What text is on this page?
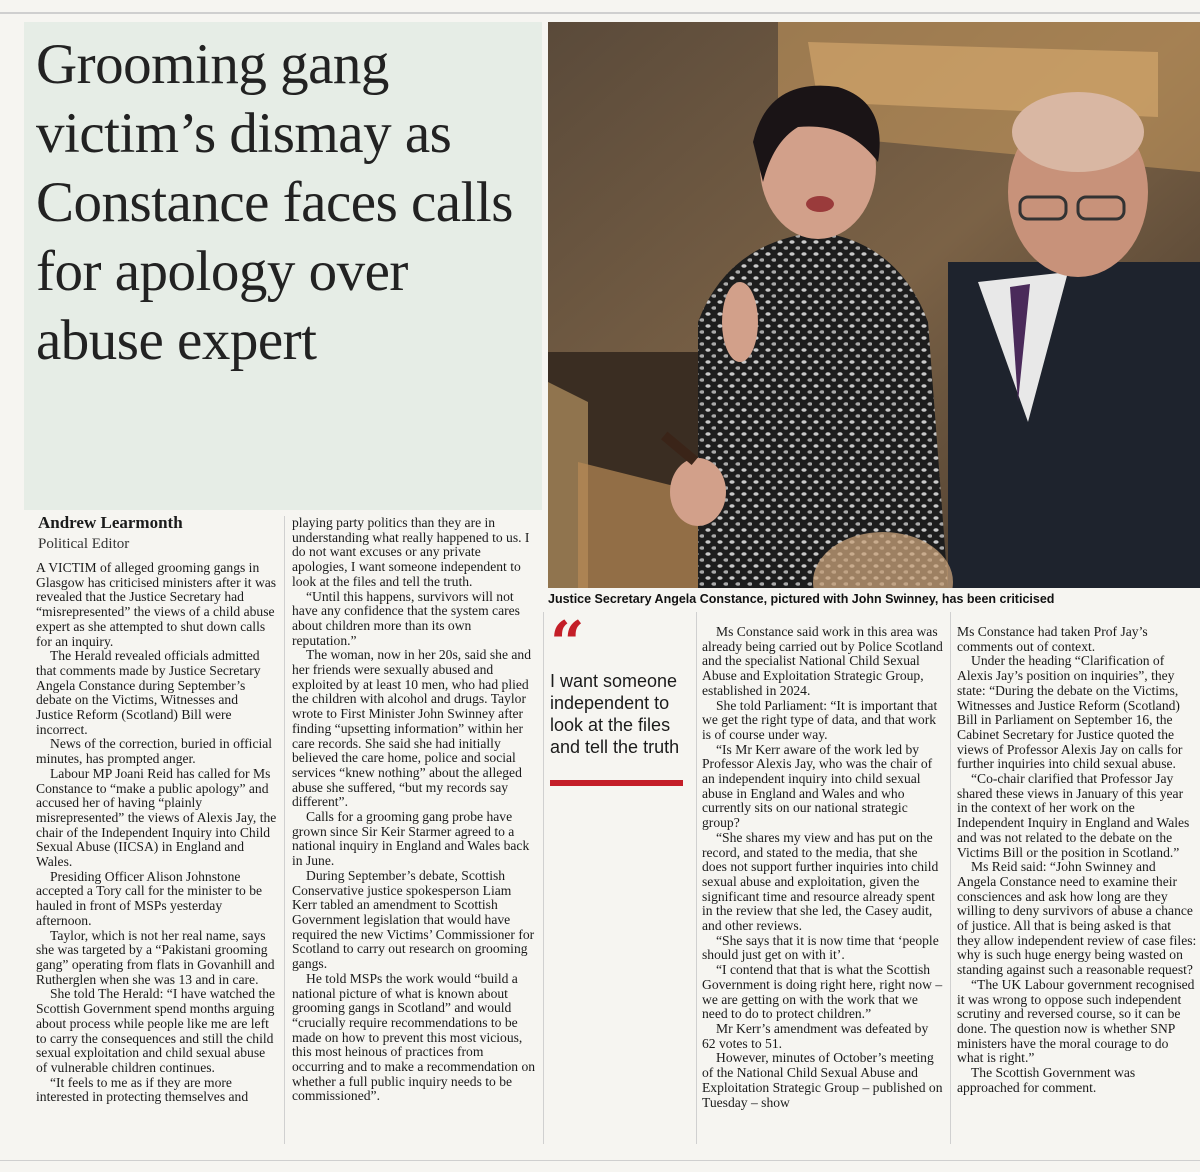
Grooming gang victim’s dismay as Constance faces calls for apology over abuse expert
Justice Secretary Angela Constance, pictured with John Swinney, has been criticised
Andrew Learmonth
Political Editor

A VICTIM of alleged grooming gangs in Glasgow has criticised ministers after it was revealed that the Justice Secretary had “misrepresented” the views of a child abuse expert as she attempted to shut down calls for an inquiry.

The Herald revealed officials admitted that comments made by Justice Secretary Angela Constance during September’s debate on the Victims, Witnesses and Justice Reform (Scotland) Bill were incorrect.

News of the correction, buried in official minutes, has prompted anger.

Labour MP Joani Reid has called for Ms Constance to “make a public apology” and accused her of having “plainly misrepresented” the views of Alexis Jay, the chair of the Independent Inquiry into Child Sexual Abuse (IICSA) in England and Wales.

Presiding Officer Alison Johnstone accepted a Tory call for the minister to be hauled in front of MSPs yesterday afternoon.

Taylor, which is not her real name, says she was targeted by a “Pakistani grooming gang” operating from flats in Govanhill and Rutherglen when she was 13 and in care.

She told The Herald: “I have watched the Scottish Government spend months arguing about process while people like me are left to carry the consequences and still the child sexual exploitation and child sexual abuse of vulnerable children continues.

“It feels to me as if they are more interested in protecting themselves and

playing party politics than they are in understanding what really happened to us. I do not want excuses or any private apologies, I want someone independent to look at the files and tell the truth.

“Until this happens, survivors will not have any confidence that the system cares about children more than its own reputation.”

The woman, now in her 20s, said she and her friends were sexually abused and exploited by at least 10 men, who had plied the children with alcohol and drugs. Taylor wrote to First Minister John Swinney after finding “upsetting information” within her care records. She said she had initially believed the care home, police and social services “knew nothing” about the alleged abuse she suffered, “but my records say different”.

Calls for a grooming gang probe have grown since Sir Keir Starmer agreed to a national inquiry in England and Wales back in June.

During September’s debate, Scottish Conservative justice spokesperson Liam Kerr tabled an amendment to Scottish Government legislation that would have required the new Victims’ Commissioner for Scotland to carry out research on grooming gangs.

He told MSPs the work would “build a national picture of what is known about grooming gangs in Scotland” and would “crucially require recommendations to be made on how to prevent this most vicious, this most heinous of practices from occurring and to make a recommendation on whether a full public inquiry needs to be commissioned”.

“
I want someone independent to look at the files and tell the truth

Ms Constance said work in this area was already being carried out by Police Scotland and the specialist National Child Sexual Abuse and Exploitation Strategic Group, established in 2024.

She told Parliament: “It is important that we get the right type of data, and that work is of course under way.

“Is Mr Kerr aware of the work led by Professor Alexis Jay, who was the chair of an independent inquiry into child sexual abuse in England and Wales and who currently sits on our national strategic group?

“She shares my view and has put on the record, and stated to the media, that she does not support further inquiries into child sexual abuse and exploitation, given the significant time and resource already spent in the review that she led, the Casey audit, and other reviews.

“She says that it is now time that ‘people should just get on with it’.

“I contend that that is what the Scottish Government is doing right here, right now – we are getting on with the work that we need to do to protect children.”

Mr Kerr’s amendment was defeated by 62 votes to 51.

However, minutes of October’s meeting of the National Child Sexual Abuse and Exploitation Strategic Group – published on Tuesday – show

Ms Constance had taken Prof Jay’s comments out of context.

Under the heading “Clarification of Alexis Jay’s position on inquiries”, they state: “During the debate on the Victims, Witnesses and Justice Reform (Scotland) Bill in Parliament on September 16, the Cabinet Secretary for Justice quoted the views of Professor Alexis Jay on calls for further inquiries into child sexual abuse.

“Co-chair clarified that Professor Jay shared these views in January of this year in the context of her work on the Independent Inquiry in England and Wales and was not related to the debate on the Victims Bill or the position in Scotland.”

Ms Reid said: “John Swinney and Angela Constance need to examine their consciences and ask how long are they willing to deny survivors of abuse a chance of justice. All that is being asked is that they allow independent review of case files: why is such huge energy being wasted on standing against such a reasonable request?

“The UK Labour government recognised it was wrong to oppose such independent scrutiny and reversed course, so it can be done. The question now is whether SNP ministers have the moral courage to do what is right.”

The Scottish Government was approached for comment.
